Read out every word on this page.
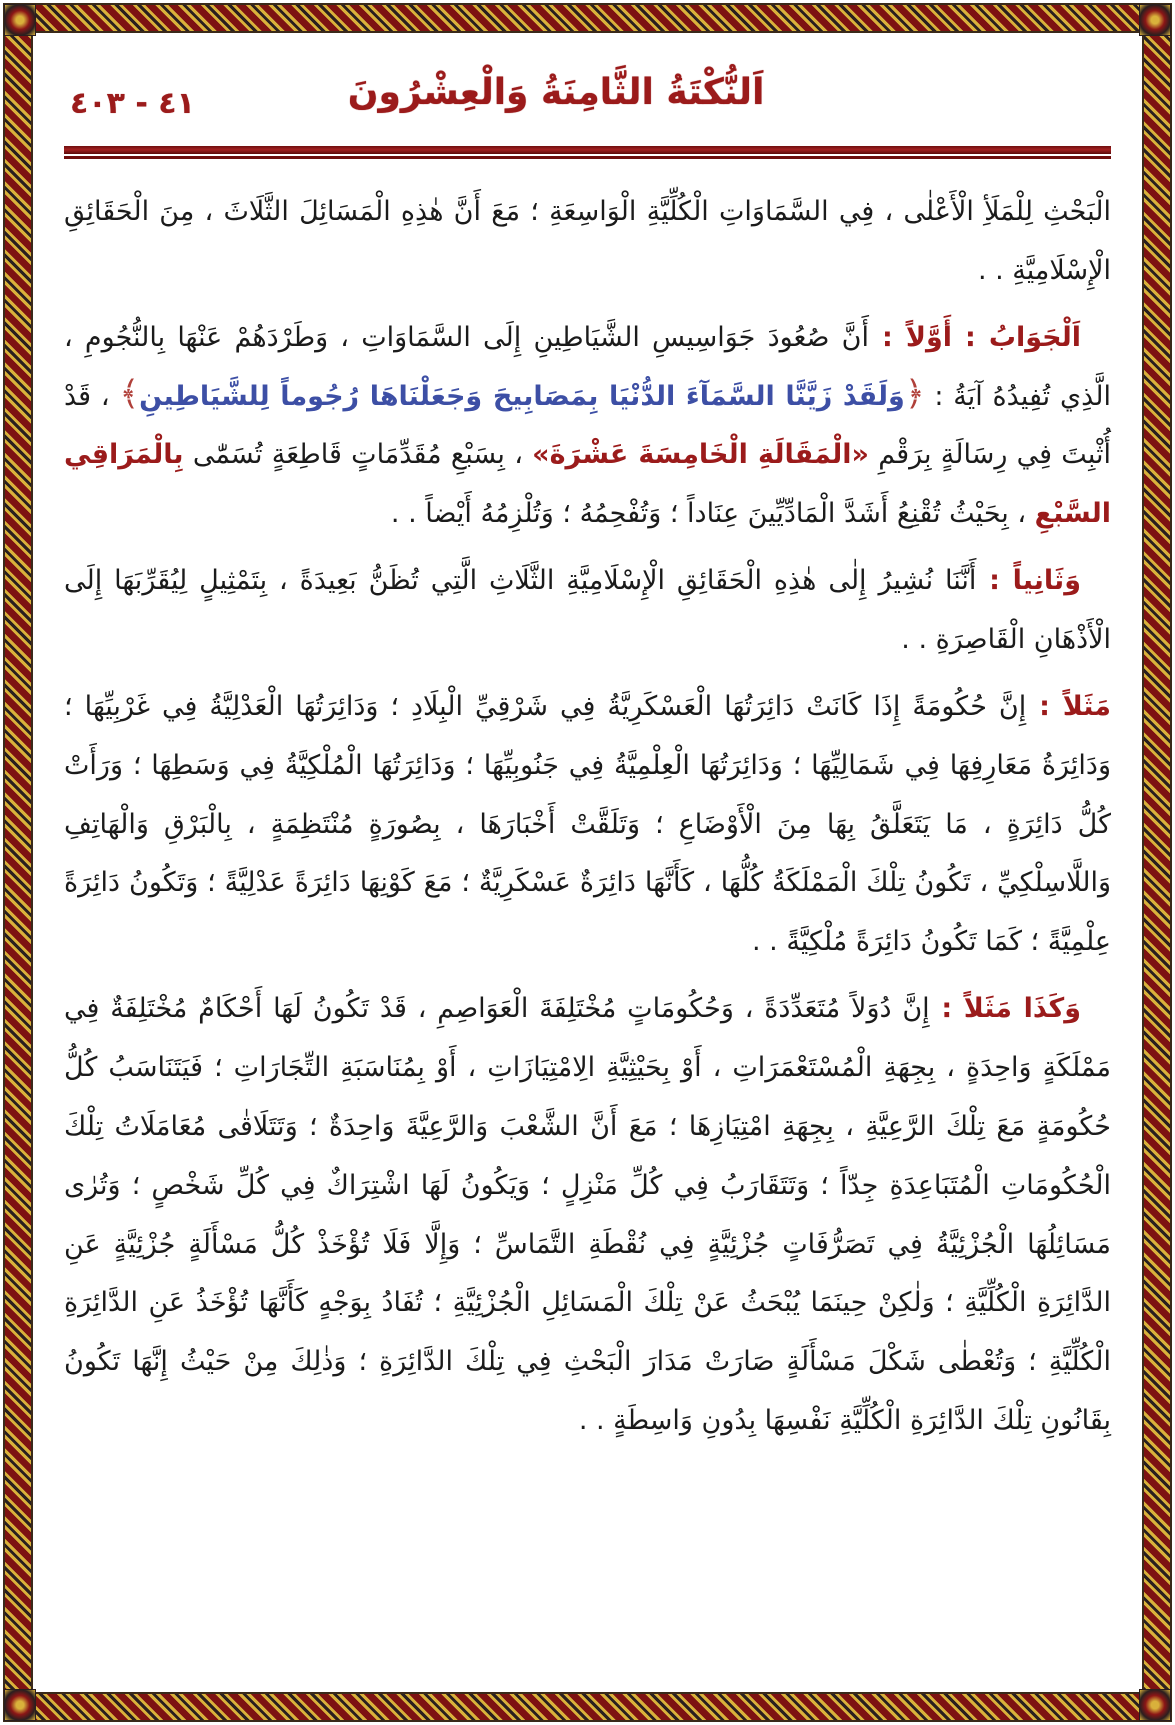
٤١ - ٤٠٣	اَلنُّكْتَةُ الثَّامِنَةُ وَالْعِشْرُونَ

الْبَحْثِ لِلْمَلَأِ الْأَعْلٰى ، فِي السَّمَاوَاتِ الْكُلِّيَّةِ الْوَاسِعَةِ ؛ مَعَ أَنَّ هٰذِهِ الْمَسَائِلَ الثَّلَاثَ ، مِنَ الْحَقَائِقِ الْإِسْلَامِيَّةِ . .

اَلْجَوَابُ : أَوَّلاً : أَنَّ صُعُودَ جَوَاسِيسِ الشَّيَاطِينِ إِلَى السَّمَاوَاتِ ، وَطَرْدَهُمْ عَنْهَا بِالنُّجُومِ ، الَّذِي تُفِيدُهُ آيَةُ : ﴿وَلَقَدْ زَيَّنَّا السَّمَآءَ الدُّنْيَا بِمَصَابِيحَ وَجَعَلْنَاهَا رُجُوماً لِلشَّيَاطِينِ﴾ ، قَدْ أُثْبِتَ فِي رِسَالَةٍ بِرَقْمِ «الْمَقَالَةِ الْخَامِسَةَ عَشْرَةَ» ، بِسَبْعِ مُقَدِّمَاتٍ قَاطِعَةٍ تُسَمّٰى بِالْمَرَاقِي السَّبْعِ ، بِحَيْثُ تُقْنِعُ أَشَدَّ الْمَادِّيِّينَ عِنَاداً ؛ وَتُفْحِمُهُ ؛ وَتُلْزِمُهُ أَيْضاً . .

وَثَانِياً : أَنَّنَا نُشِيرُ إِلٰى هٰذِهِ الْحَقَائِقِ الْإِسْلَامِيَّةِ الثَّلَاثِ الَّتِي تُظَنُّ بَعِيدَةً ، بِتَمْثِيلٍ لِيُقَرِّبَهَا إِلَى الْأَذْهَانِ الْقَاصِرَةِ . .

مَثَلاً : إِنَّ حُكُومَةً إِذَا كَانَتْ دَائِرَتُهَا الْعَسْكَرِيَّةُ فِي شَرْقِيِّ الْبِلَادِ ؛ وَدَائِرَتُهَا الْعَدْلِيَّةُ فِي غَرْبِيِّهَا ؛ وَدَائِرَةُ مَعَارِفِهَا فِي شَمَالِيِّهَا ؛ وَدَائِرَتُهَا الْعِلْمِيَّةُ فِي جَنُوبِيِّهَا ؛ وَدَائِرَتُهَا الْمُلْكِيَّةُ فِي وَسَطِهَا ؛ وَرَأَتْ كُلُّ دَائِرَةٍ ، مَا يَتَعَلَّقُ بِهَا مِنَ الْأَوْضَاعِ ؛ وَتَلَقَّتْ أَخْبَارَهَا ، بِصُورَةٍ مُنْتَظِمَةٍ ، بِالْبَرْقِ وَالْهَاتِفِ وَاللَّاسِلْكِيِّ ، تَكُونُ تِلْكَ الْمَمْلَكَةُ كُلُّهَا ، كَأَنَّهَا دَائِرَةٌ عَسْكَرِيَّةٌ ؛ مَعَ كَوْنِهَا دَائِرَةً عَدْلِيَّةً ؛ وَتَكُونُ دَائِرَةً عِلْمِيَّةً ؛ كَمَا تَكُونُ دَائِرَةً مُلْكِيَّةً . .

وَكَذَا مَثَلاً : إِنَّ دُوَلاً مُتَعَدِّدَةً ، وَحُكُومَاتٍ مُخْتَلِفَةَ الْعَوَاصِمِ ، قَدْ تَكُونُ لَهَا أَحْكَامٌ مُخْتَلِفَةٌ فِي مَمْلَكَةٍ وَاحِدَةٍ ، بِجِهَةِ الْمُسْتَعْمَرَاتِ ، أَوْ بِحَيْثِيَّةِ الِامْتِيَازَاتِ ، أَوْ بِمُنَاسَبَةِ التِّجَارَاتِ ؛ فَيَتَنَاسَبُ كُلُّ حُكُومَةٍ مَعَ تِلْكَ الرَّعِيَّةِ ، بِجِهَةِ امْتِيَازِهَا ؛ مَعَ أَنَّ الشَّعْبَ وَالرَّعِيَّةَ وَاحِدَةٌ ؛ وَتَتَلَاقٰى مُعَامَلَاتُ تِلْكَ الْحُكُومَاتِ الْمُتَبَاعِدَةِ جِدّاً ؛ وَتَتَقَارَبُ فِي كُلِّ مَنْزِلٍ ؛ وَيَكُونُ لَهَا اشْتِرَاكٌ فِي كُلِّ شَخْصٍ ؛ وَتُرٰى مَسَائِلُهَا الْجُزْئِيَّةُ فِي تَصَرُّفَاتٍ جُزْئِيَّةٍ فِي نُقْطَةِ التَّمَاسِّ ؛ وَإِلَّا فَلَا تُؤْخَذْ كُلُّ مَسْأَلَةٍ جُزْئِيَّةٍ عَنِ الدَّائِرَةِ الْكُلِّيَّةِ ؛ وَلٰكِنْ حِينَمَا يُبْحَثُ عَنْ تِلْكَ الْمَسَائِلِ الْجُزْئِيَّةِ ؛ تُفَادُ بِوَجْهٍ كَأَنَّهَا تُؤْخَذُ عَنِ الدَّائِرَةِ الْكُلِّيَّةِ ؛ وَتُعْطٰى شَكْلَ مَسْأَلَةٍ صَارَتْ مَدَارَ الْبَحْثِ فِي تِلْكَ الدَّائِرَةِ ؛ وَذٰلِكَ مِنْ حَيْثُ إِنَّهَا تَكُونُ بِقَانُونِ تِلْكَ الدَّائِرَةِ الْكُلِّيَّةِ نَفْسِهَا بِدُونِ وَاسِطَةٍ . .
